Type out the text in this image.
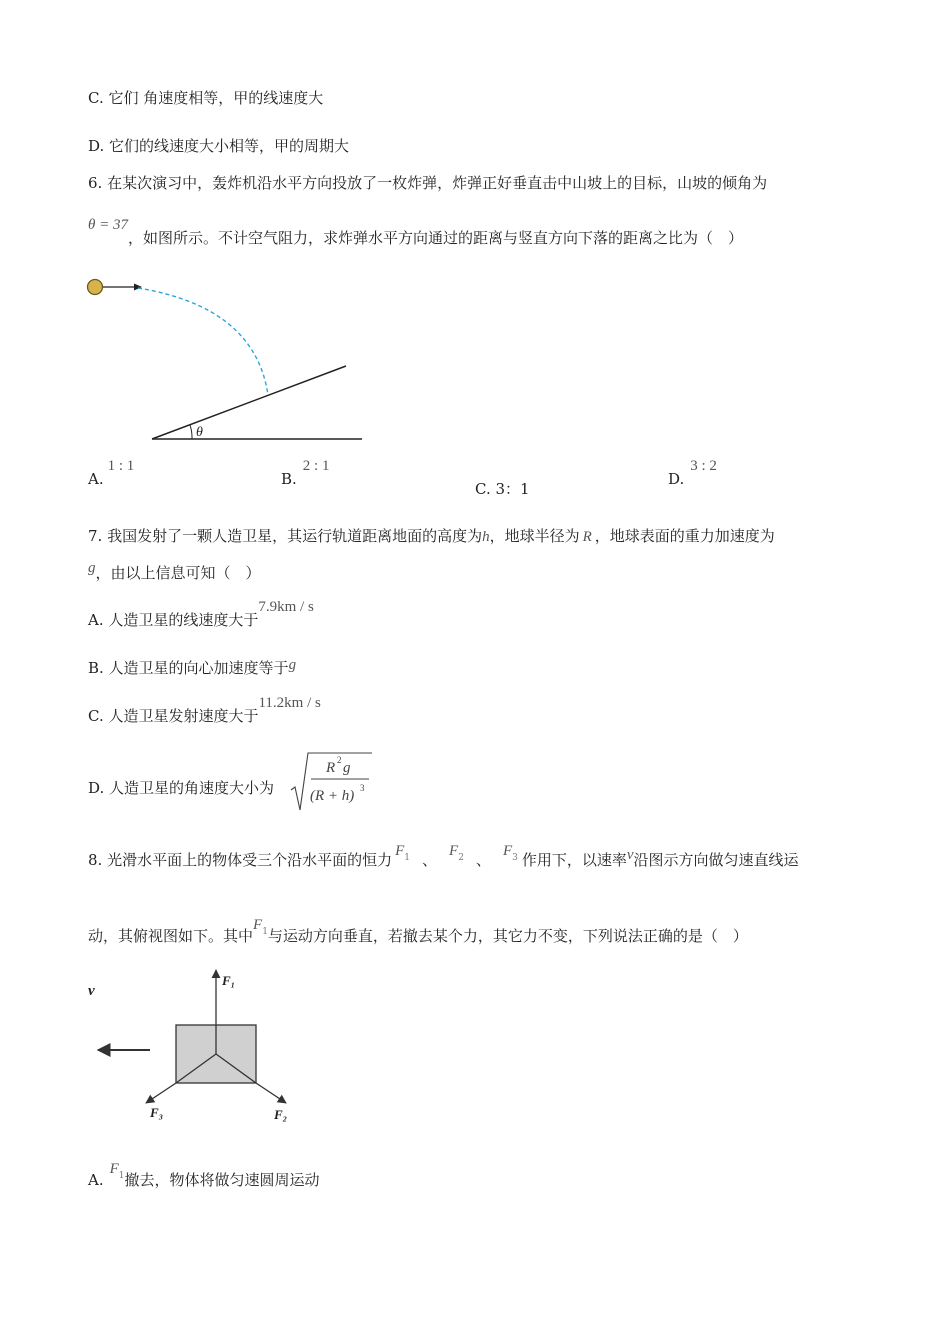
C. 它们 角速度相等，甲的线速度大
D. 它们的线速度大小相等，甲的周期大
6. 在某次演习中，轰炸机沿水平方向投放了一枚炸弹，炸弹正好垂直击中山坡上的目标，山坡的倾角为
θ = 37，如图所示。不计空气阻力，求炸弹水平方向通过的距离与竖直方向下落的距离之比为（　）
θ
A.1 : 1
B.2 : 1
C. 3：1
D.3 : 2
7. 我国发射了一颗人造卫星，其运行轨道距离地面的高度为h，地球半径为 R ，地球表面的重力加速度为
g，由以上信息可知（　）
A. 人造卫星的线速度大于7.9km / s
B. 人造卫星的向心加速度等于g
C. 人造卫星发射速度大于11.2km / s
D. 人造卫星的角速度大小为
R 2 g
(R + h) 3
8. 光滑水平面上的物体受三个沿水平面的恒力 $F_1$ 、 $F_2$ 、 $F_3$ 作用下，以速率v沿图示方向做匀速直线运
动，其俯视图如下。其中$F_1$与运动方向垂直，若撤去某个力，其它力不变，下列说法正确的是（　）
v
F₁
F₂
F₃
$A.F_1$撤去，物体将做匀速圆周运动
